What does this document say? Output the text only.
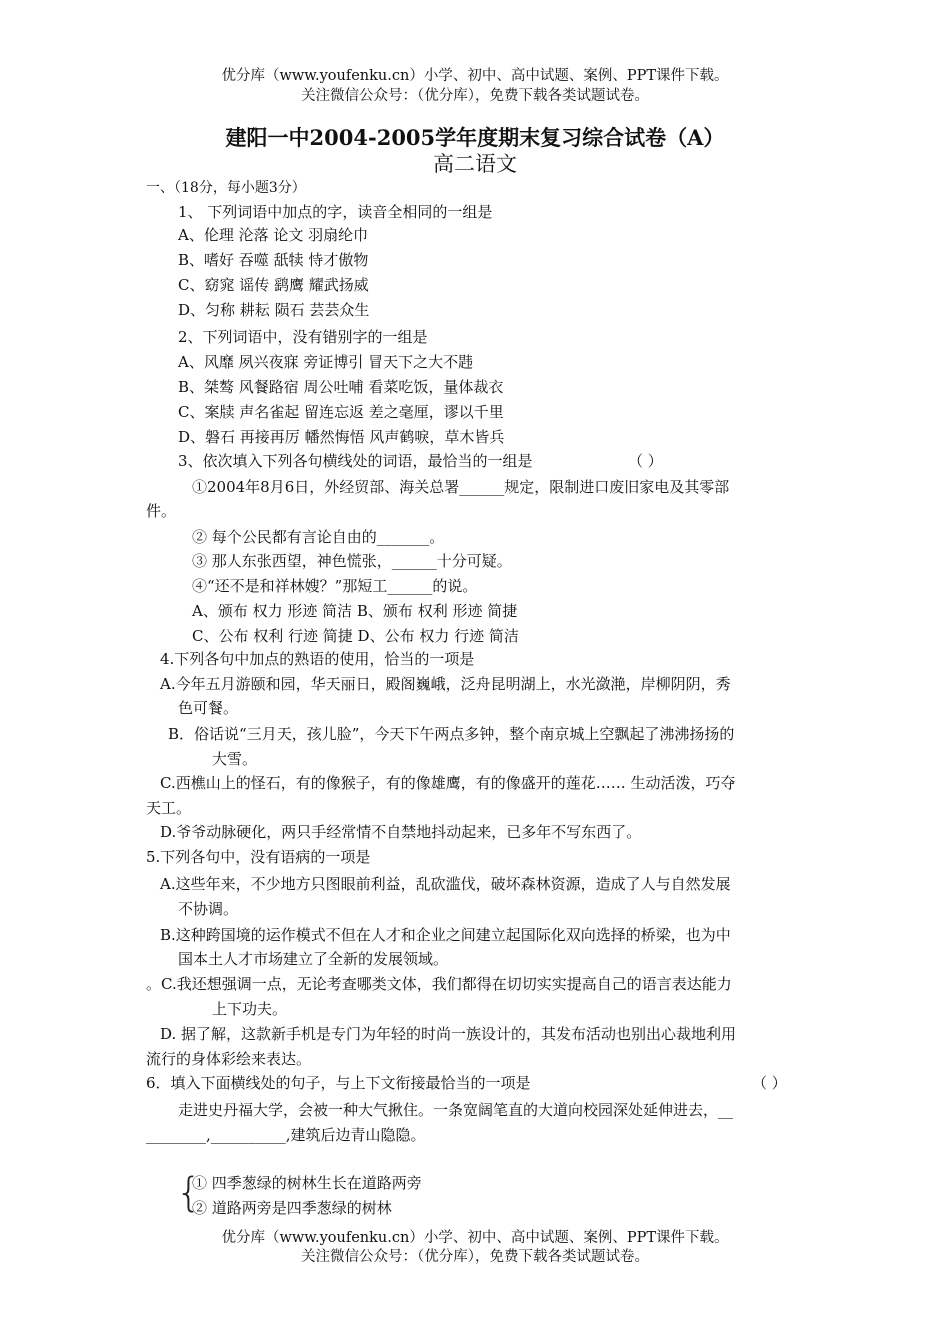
优分库（www.youfenku.cn）小学、初中、高中试题、案例、PPT课件下载。
关注微信公众号：（优分库），免费下载各类试题试卷。
建阳一中2004-2005学年度期末复习综合试卷（A）
高二语文
一、（18分，每小题3分）
1、 下列词语中加点的字，读音全相同的一组是
A、伦理 沦落 论文 羽扇纶巾
B、嗜好 吞噬 舐犊 恃才傲物
C、窈窕 谣传 鹞鹰 耀武扬威
D、匀称 耕耘 陨石 芸芸众生
2、下列词语中，没有错别字的一组是
A、风靡 夙兴夜寐 旁证博引 冒天下之大不韪
B、桀骜 风餐路宿 周公吐哺 看菜吃饭，量体裁衣
C、案牍 声名雀起 留连忘返 差之毫厘，谬以千里
D、磐石 再接再厉 幡然悔悟 风声鹤唳，草木皆兵
3、依次填入下列各句横线处的词语，最恰当的一组是	（ ）
①2004年8月6日，外经贸部、海关总署______规定，限制进口废旧家电及其零部
件。
② 每个公民都有言论自由的_______。
③ 那人东张西望，神色慌张，______十分可疑。
④“还不是和祥林嫂？”那短工______的说。
A、颁布 权力 形迹 简洁 B、颁布 权利 形迹 简捷
C、公布 权利 行迹 简捷 D、公布 权力 行迹 简洁
4.下列各句中加点的熟语的使用，恰当的一项是
A.今年五月游颐和园，华天丽日，殿阁巍峨，泛舟昆明湖上，水光潋滟，岸柳阴阴，秀
色可餐。
B．俗话说“三月天，孩儿脸”，今天下午两点多钟，整个南京城上空飘起了沸沸扬扬的
大雪。
C.西樵山上的怪石，有的像猴子，有的像雄鹰，有的像盛开的莲花…… 生动活泼，巧夺
天工。
D.爷爷动脉硬化，两只手经常情不自禁地抖动起来，已多年不写东西了。
5.下列各句中，没有语病的一项是
A.这些年来，不少地方只图眼前利益，乱砍滥伐，破坏森林资源，造成了人与自然发展
不协调。
B.这种跨国境的运作模式不但在人才和企业之间建立起国际化双向选择的桥梁，也为中
国本土人才市场建立了全新的发展领域。
。C.我还想强调一点，无论考查哪类文体，我们都得在切切实实提高自己的语言表达能力
上下功夫。
D. 据了解，这款新手机是专门为年轻的时尚一族设计的，其发布活动也别出心裁地利用
流行的身体彩绘来表达。
6．填入下面横线处的句子，与上下文衔接最恰当的一项是	（ ）
走进史丹福大学，会被一种大气揪住。一条宽阔笔直的大道向校园深处延伸进去，__
________,__________,建筑后边青山隐隐。
{
① 四季葱绿的树林生长在道路两旁
② 道路两旁是四季葱绿的树林
优分库（www.youfenku.cn）小学、初中、高中试题、案例、PPT课件下载。
关注微信公众号：（优分库），免费下载各类试题试卷。
